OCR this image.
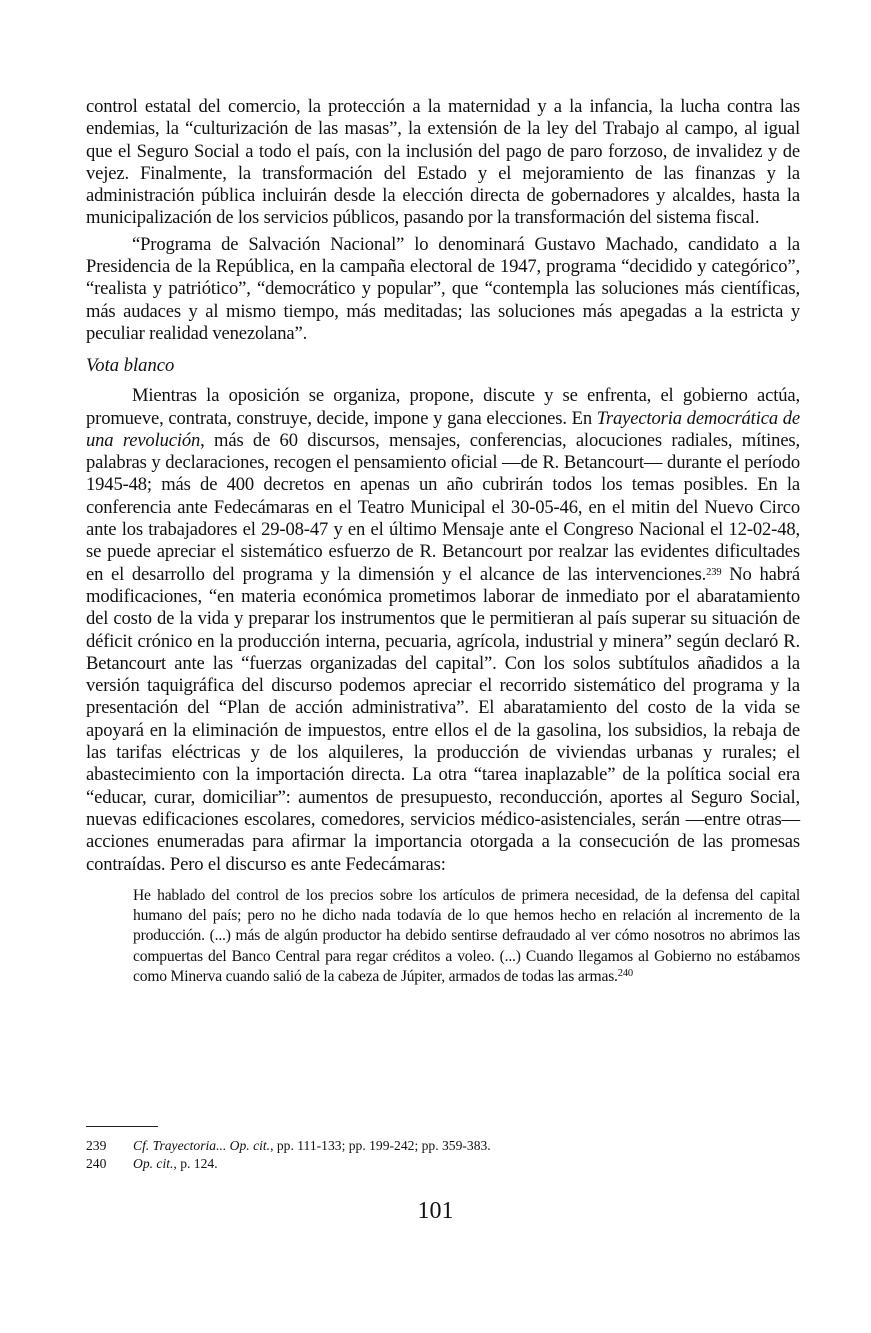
control estatal del comercio, la protección a la maternidad y a la infancia, la lucha contra las endemias, la “culturización de las masas”, la extensión de la ley del Trabajo al campo, al igual que el Seguro Social a todo el país, con la inclusión del pago de paro forzoso, de invalidez y de vejez. Finalmente, la transformación del Estado y el mejoramiento de las finanzas y la administración pública incluirán desde la elección directa de gobernadores y alcaldes, hasta la municipalización de los servicios públicos, pasando por la transformación del sistema fiscal.

“Programa de Salvación Nacional” lo denominará Gustavo Machado, candidato a la Presidencia de la República, en la campaña electoral de 1947, programa “decidido y categórico”, “realista y patriótico”, “democrático y popular”, que “contempla las soluciones más científicas, más audaces y al mismo tiempo, más meditadas; las soluciones más apegadas a la estricta y peculiar realidad venezolana”.

Vota blanco

Mientras la oposición se organiza, propone, discute y se enfrenta, el gobierno actúa, promueve, contrata, construye, decide, impone y gana elecciones. En Trayectoria democrática de una revolución, más de 60 discursos, mensajes, conferencias, alocuciones radiales, mítines, palabras y declaraciones, recogen el pensamiento oficial —de R. Betancourt— durante el período 1945-48; más de 400 decretos en apenas un año cubrirán todos los temas posibles. En la conferencia ante Fedecámaras en el Teatro Municipal el 30-05-46, en el mitin del Nuevo Circo ante los trabajadores el 29-08-47 y en el último Mensaje ante el Congreso Nacional el 12-02-48, se puede apreciar el sistemático esfuerzo de R. Betancourt por realzar las evidentes dificultades en el desarrollo del programa y la dimensión y el alcance de las intervenciones.$^{239}$ No habrá modificaciones, “en materia económica prometimos laborar de inmediato por el abaratamiento del costo de la vida y preparar los instrumentos que le permitieran al país superar su situación de déficit crónico en la producción interna, pecuaria, agrícola, industrial y minera” según declaró R. Betancourt ante las “fuerzas organizadas del capital”. Con los solos subtítulos añadidos a la versión taquigráfica del discurso podemos apreciar el recorrido sistemático del programa y la presentación del “Plan de acción administrativa”. El abaratamiento del costo de la vida se apoyará en la eliminación de impuestos, entre ellos el de la gasolina, los subsidios, la rebaja de las tarifas eléctricas y de los alquileres, la producción de viviendas urbanas y rurales; el abastecimiento con la importación directa. La otra “tarea inaplazable” de la política social era “educar, curar, domiciliar”: aumentos de presupuesto, reconducción, aportes al Seguro Social, nuevas edificaciones escolares, comedores, servicios médico-asistenciales, serán —entre otras— acciones enumeradas para afirmar la importancia otorgada a la consecución de las promesas contraídas. Pero el discurso es ante Fedecámaras:

He hablado del control de los precios sobre los artículos de primera necesidad, de la defensa del capital humano del país; pero no he dicho nada todavía de lo que hemos hecho en relación al incremento de la producción. (...) más de algún productor ha debido sentirse defraudado al ver cómo nosotros no abrimos las compuertas del Banco Central para regar créditos a voleo. (...) Cuando llegamos al Gobierno no estábamos como Minerva cuando salió de la cabeza de Júpiter, armados de todas las armas.$^{240}$

239	Cf. Trayectoria... Op. cit., pp. 111-133; pp. 199-242; pp. 359-383.
240	Op. cit., p. 124.
101
